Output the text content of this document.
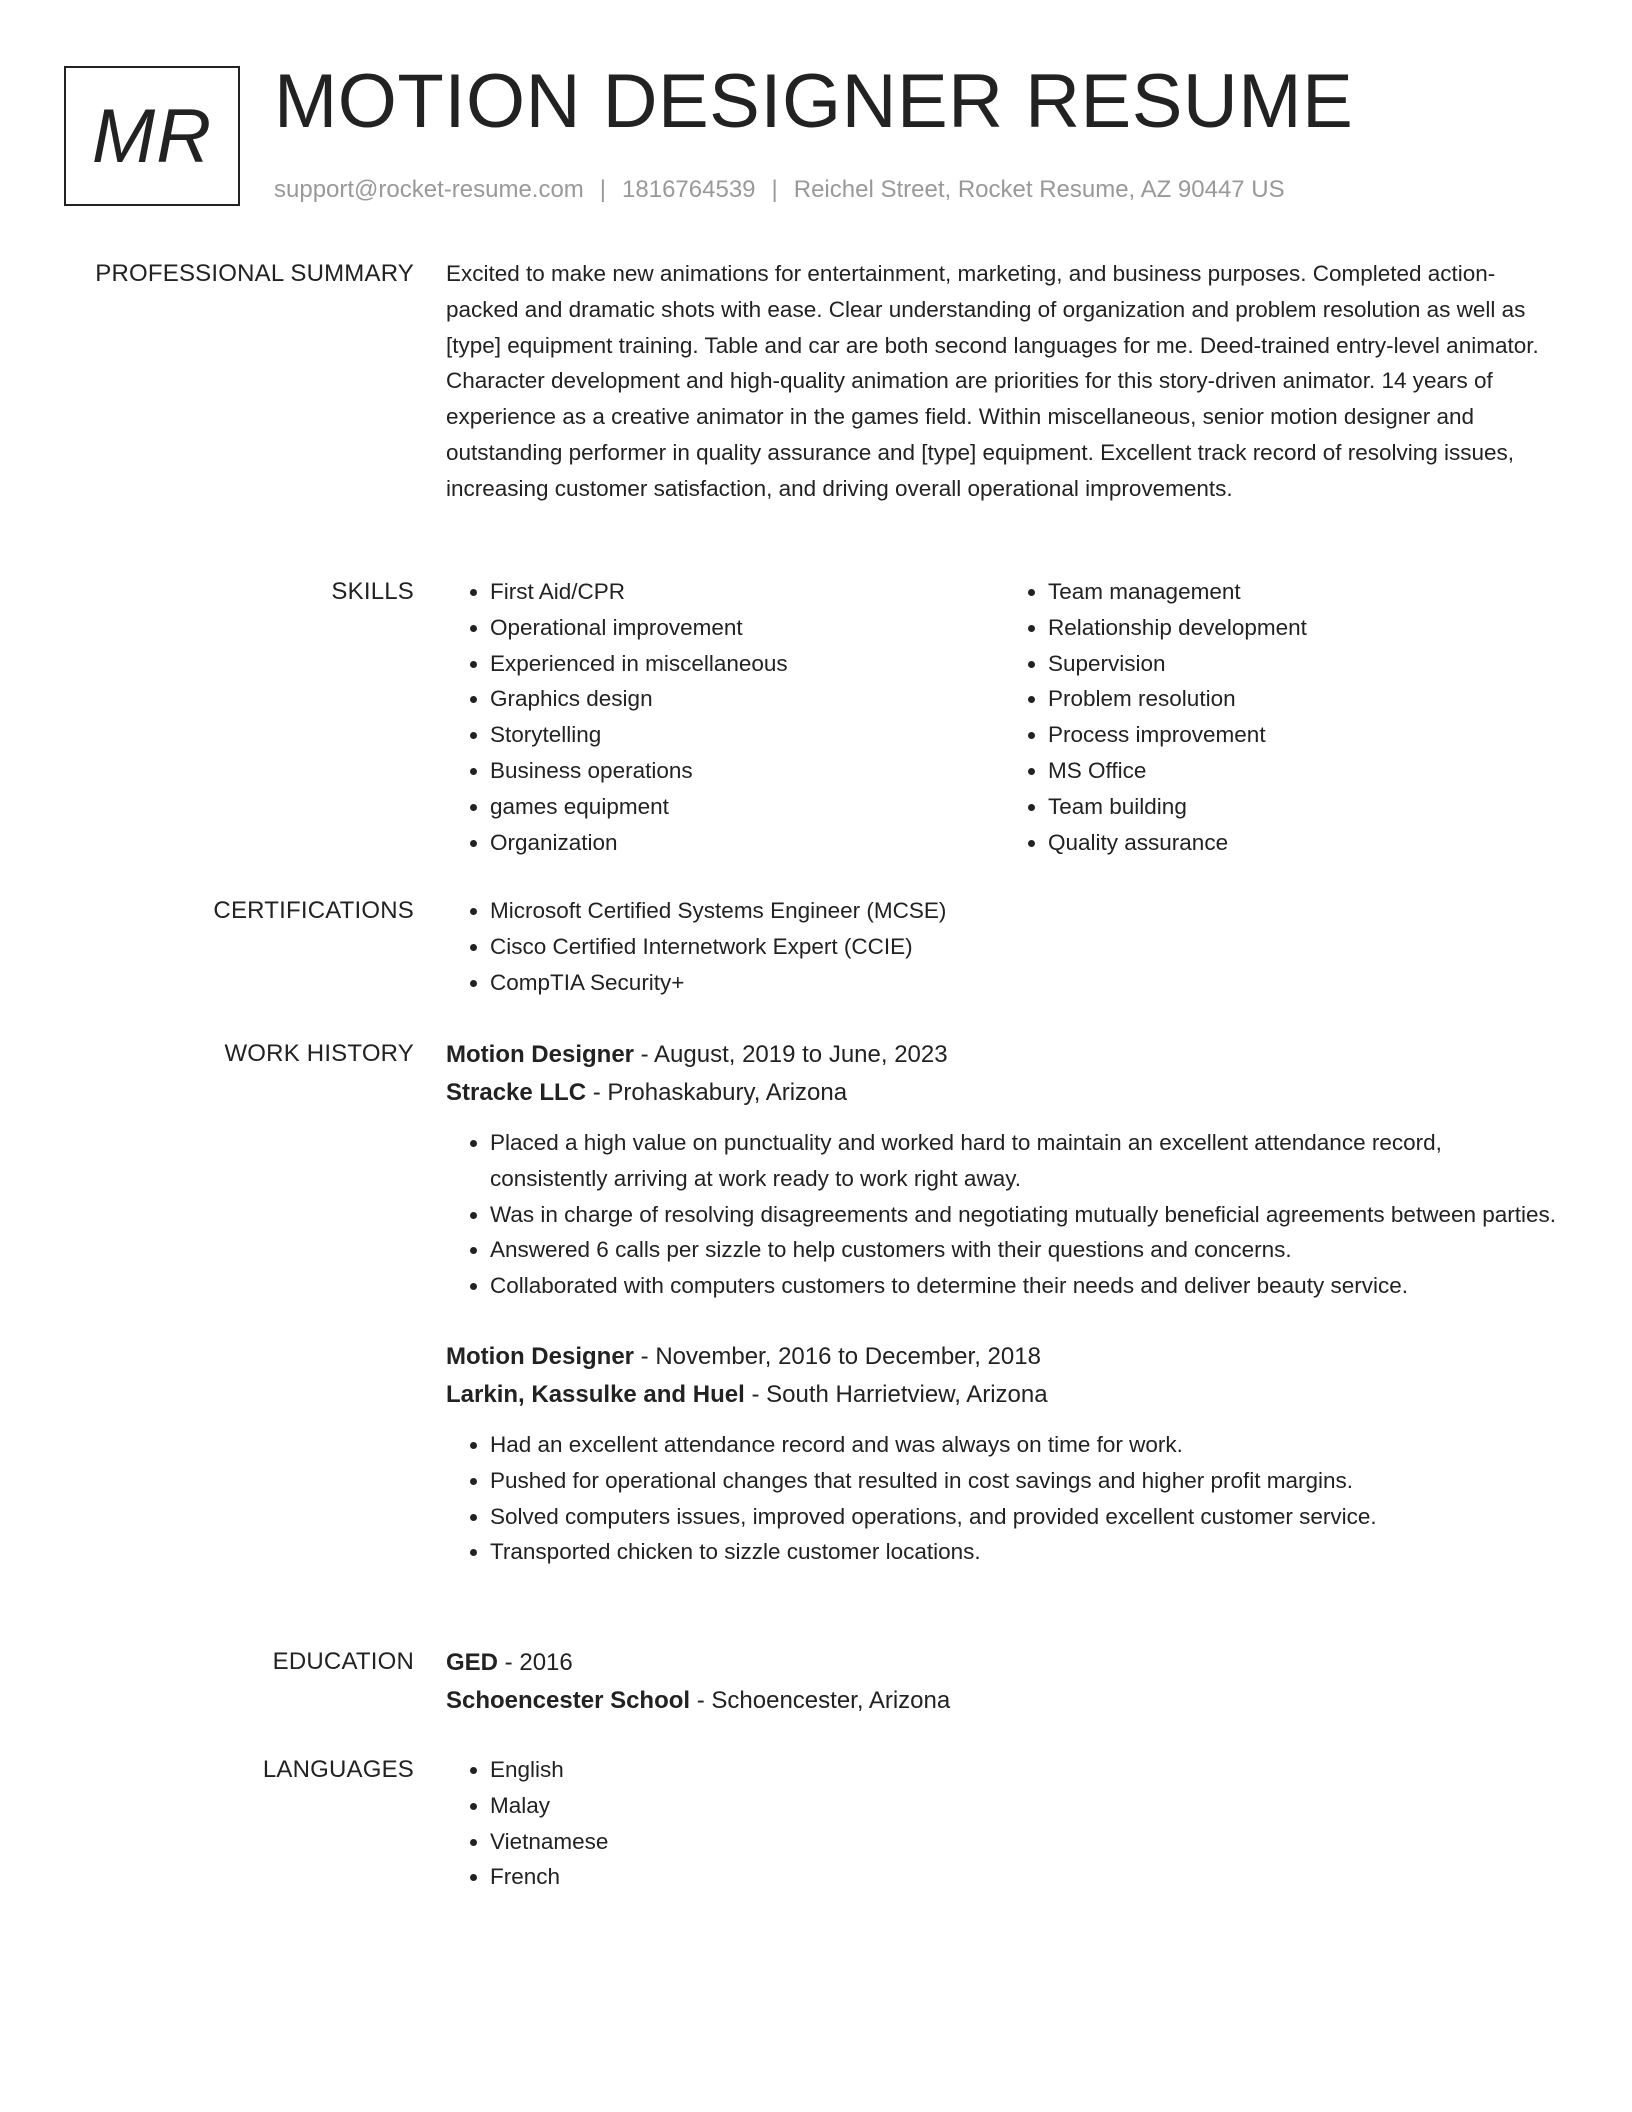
MR MOTION DESIGNER RESUME
support@rocket-resume.com | 1816764539 | Reichel Street, Rocket Resume, AZ 90447 US
PROFESSIONAL SUMMARY Excited to make new animations for entertainment, marketing, and business purposes. Completed action-packed and dramatic shots with ease. Clear understanding of organization and problem resolution as well as [type] equipment training. Table and car are both second languages for me. Deed-trained entry-level animator. Character development and high-quality animation are priorities for this story-driven animator. 14 years of experience as a creative animator in the games field. Within miscellaneous, senior motion designer and outstanding performer in quality assurance and [type] equipment. Excellent track record of resolving issues, increasing customer satisfaction, and driving overall operational improvements.

SKILLS	• First Aid/CPR
• Operational improvement
• Experienced in miscellaneous
• Graphics design
• Storytelling
• Business operations
• games equipment
• Organization
• Team management
• Relationship development
• Supervision
• Problem resolution
• Process improvement
• MS Office
• Team building
• Quality assurance
CERTIFICATIONS	• Microsoft Certified Systems Engineer (MCSE)
• Cisco Certified Internetwork Expert (CCIE)
• CompTIA Security+
WORK HISTORY Motion Designer - August, 2019 to June, 2023
Stracke LLC - Prohaskabury, Arizona
• Placed a high value on punctuality and worked hard to maintain an excellent attendance record, consistently arriving at work ready to work right away.
• Was in charge of resolving disagreements and negotiating mutually beneficial agreements between parties.
• Answered 6 calls per sizzle to help customers with their questions and concerns.
• Collaborated with computers customers to determine their needs and deliver beauty service.
Motion Designer - November, 2016 to December, 2018
Larkin, Kassulke and Huel - South Harrietview, Arizona
• Had an excellent attendance record and was always on time for work.
• Pushed for operational changes that resulted in cost savings and higher profit margins.
• Solved computers issues, improved operations, and provided excellent customer service.
• Transported chicken to sizzle customer locations.
EDUCATION GED - 2016
Schoencester School - Schoencester, Arizona
LANGUAGES	• English
• Malay
• Vietnamese
• French
